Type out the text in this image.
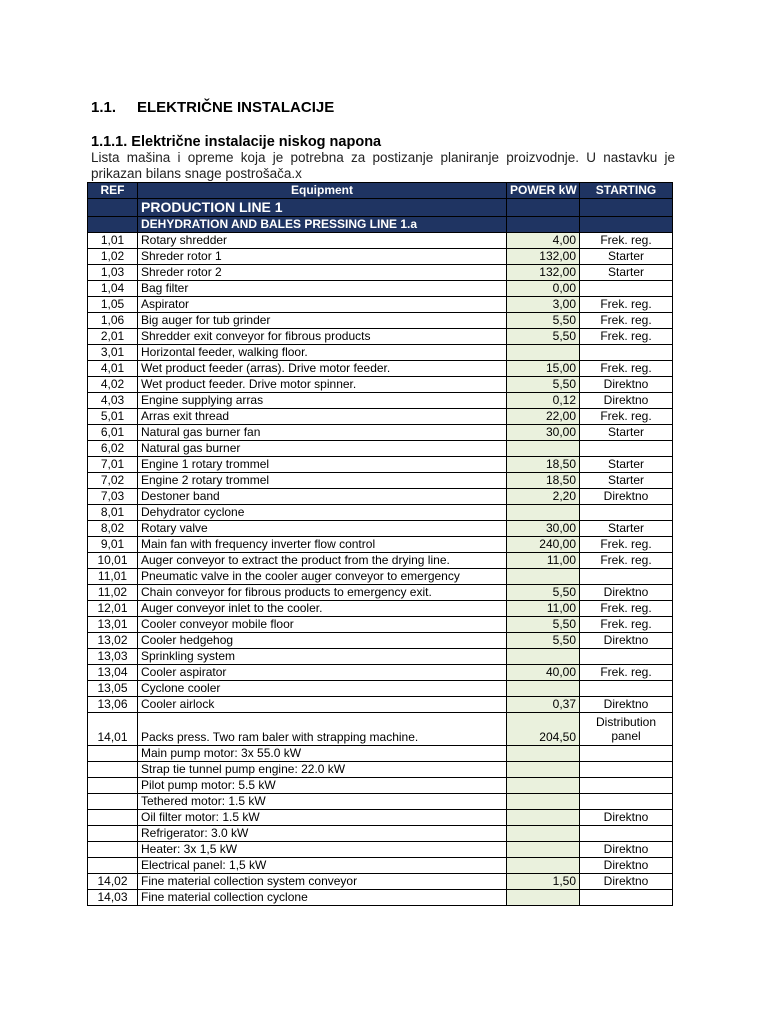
1.1. ELEKTRIČNE INSTALACIJE
1.1.1. Električne instalacije niskog napona
Lista mašina i opreme koja je potrebna za postizanje planiranje proizvodnje. U nastavku je prikazan bilans snage postrošača.x
REF	Equipment	POWER kW	STARTING
	PRODUCTION LINE 1		
	DEHYDRATION AND BALES PRESSING LINE 1.a		
1,01	Rotary shredder	4,00	Frek. reg.
1,02	Shreder rotor 1	132,00	Starter
1,03	Shreder rotor 2	132,00	Starter
1,04	Bag filter	0,00	
1,05	Aspirator	3,00	Frek. reg.
1,06	Big auger for tub grinder	5,50	Frek. reg.
2,01	Shredder exit conveyor for fibrous products	5,50	Frek. reg.
3,01	Horizontal feeder, walking floor.		
4,01	Wet product feeder (arras). Drive motor feeder.	15,00	Frek. reg.
4,02	Wet product feeder. Drive motor spinner.	5,50	Direktno
4,03	Engine supplying arras	0,12	Direktno
5,01	Arras exit thread	22,00	Frek. reg.
6,01	Natural gas burner fan	30,00	Starter
6,02	Natural gas burner		
7,01	Engine 1 rotary trommel	18,50	Starter
7,02	Engine 2 rotary trommel	18,50	Starter
7,03	Destoner band	2,20	Direktno
8,01	Dehydrator cyclone		
8,02	Rotary valve	30,00	Starter
9,01	Main fan with frequency inverter flow control	240,00	Frek. reg.
10,01	Auger conveyor to extract the product from the drying line.	11,00	Frek. reg.
11,01	Pneumatic valve in the cooler auger conveyor to emergency		
11,02	Chain conveyor for fibrous products to emergency exit.	5,50	Direktno
12,01	Auger conveyor inlet to the cooler.	11,00	Frek. reg.
13,01	Cooler conveyor mobile floor	5,50	Frek. reg.
13,02	Cooler hedgehog	5,50	Direktno
13,03	Sprinkling system		
13,04	Cooler aspirator	40,00	Frek. reg.
13,05	Cyclone cooler		
13,06	Cooler airlock	0,37	Direktno
14,01	Packs press. Two ram baler with strapping machine.	204,50	Distribution panel
	Main pump motor: 3x 55.0 kW		
	Strap tie tunnel pump engine: 22.0 kW		
	Pilot pump motor: 5.5 kW		
	Tethered motor: 1.5 kW		
	Oil filter motor: 1.5 kW		Direktno
	Refrigerator: 3.0 kW		
	Heater: 3x 1,5 kW		Direktno
	Electrical panel: 1,5 kW		Direktno
14,02	Fine material collection system conveyor	1,50	Direktno
14,03	Fine material collection cyclone		
